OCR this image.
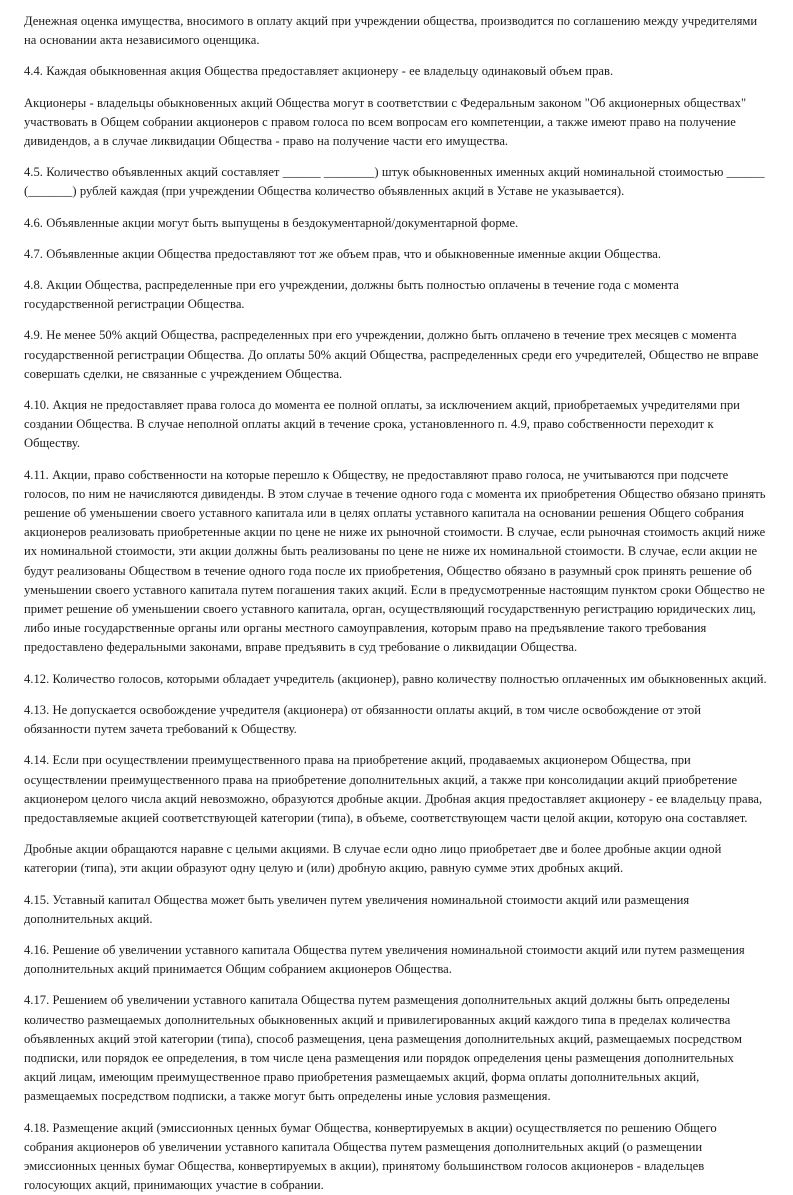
Денежная оценка имущества, вносимого в оплату акций при учреждении общества, производится по соглашению между учредителями на основании акта независимого оценщика.

4.4. Каждая обыкновенная акция Общества предоставляет акционеру - ее владельцу одинаковый объем прав.

Акционеры - владельцы обыкновенных акций Общества могут в соответствии с Федеральным законом "Об акционерных обществах" участвовать в Общем собрании акционеров с правом голоса по всем вопросам его компетенции, а также имеют право на получение дивидендов, а в случае ликвидации Общества - право на получение части его имущества.

4.5. Количество объявленных акций составляет ______ ________) штук обыкновенных именных акций номинальной стоимостью ______ (_______) рублей каждая (при учреждении Общества количество объявленных акций в Уставе не указывается).

4.6. Объявленные акции могут быть выпущены в бездокументарной/документарной форме.

4.7. Объявленные акции Общества предоставляют тот же объем прав, что и обыкновенные именные акции Общества.

4.8. Акции Общества, распределенные при его учреждении, должны быть полностью оплачены в течение года с момента государственной регистрации Общества.

4.9. Не менее 50% акций Общества, распределенных при его учреждении, должно быть оплачено в течение трех месяцев с момента государственной регистрации Общества. До оплаты 50% акций Общества, распределенных среди его учредителей, Общество не вправе совершать сделки, не связанные с учреждением Общества.

4.10. Акция не предоставляет права голоса до момента ее полной оплаты, за исключением акций, приобретаемых учредителями при создании Общества. В случае неполной оплаты акций в течение срока, установленного п. 4.9, право собственности переходит к Обществу.

4.11. Акции, право собственности на которые перешло к Обществу, не предоставляют право голоса, не учитываются при подсчете голосов, по ним не начисляются дивиденды. В этом случае в течение одного года с момента их приобретения Общество обязано принять решение об уменьшении своего уставного капитала или в целях оплаты уставного капитала на основании решения Общего собрания акционеров реализовать приобретенные акции по цене не ниже их рыночной стоимости. В случае, если рыночная стоимость акций ниже их номинальной стоимости, эти акции должны быть реализованы по цене не ниже их номинальной стоимости. В случае, если акции не будут реализованы Обществом в течение одного года после их приобретения, Общество обязано в разумный срок принять решение об уменьшении своего уставного капитала путем погашения таких акций. Если в предусмотренные настоящим пунктом сроки Общество не примет решение об уменьшении своего уставного капитала, орган, осуществляющий государственную регистрацию юридических лиц, либо иные государственные органы или органы местного самоуправления, которым право на предъявление такого требования предоставлено федеральными законами, вправе предъявить в суд требование о ликвидации Общества.

4.12. Количество голосов, которыми обладает учредитель (акционер), равно количеству полностью оплаченных им обыкновенных акций.

4.13. Не допускается освобождение учредителя (акционера) от обязанности оплаты акций, в том числе освобождение от этой обязанности путем зачета требований к Обществу.

4.14. Если при осуществлении преимущественного права на приобретение акций, продаваемых акционером Общества, при осуществлении преимущественного права на приобретение дополнительных акций, а также при консолидации акций приобретение акционером целого числа акций невозможно, образуются дробные акции. Дробная акция предоставляет акционеру - ее владельцу права, предоставляемые акцией соответствующей категории (типа), в объеме, соответствующем части целой акции, которую она составляет.

Дробные акции обращаются наравне с целыми акциями. В случае если одно лицо приобретает две и более дробные акции одной категории (типа), эти акции образуют одну целую и (или) дробную акцию, равную сумме этих дробных акций.

4.15. Уставный капитал Общества может быть увеличен путем увеличения номинальной стоимости акций или размещения дополнительных акций.

4.16. Решение об увеличении уставного капитала Общества путем увеличения номинальной стоимости акций или путем размещения дополнительных акций принимается Общим собранием акционеров Общества.

4.17. Решением об увеличении уставного капитала Общества путем размещения дополнительных акций должны быть определены количество размещаемых дополнительных обыкновенных акций и привилегированных акций каждого типа в пределах количества объявленных акций этой категории (типа), способ размещения, цена размещения дополнительных акций, размещаемых посредством подписки, или порядок ее определения, в том числе цена размещения или порядок определения цены размещения дополнительных акций лицам, имеющим преимущественное право приобретения размещаемых акций, форма оплаты дополнительных акций, размещаемых посредством подписки, а также могут быть определены иные условия размещения.

4.18. Размещение акций (эмиссионных ценных бумаг Общества, конвертируемых в акции) осуществляется по решению Общего собрания акционеров об увеличении уставного капитала Общества путем размещения дополнительных акций (о размещении эмиссионных ценных бумаг Общества, конвертируемых в акции), принятому большинством голосов акционеров - владельцев голосующих акций, принимающих участие в собрании.
